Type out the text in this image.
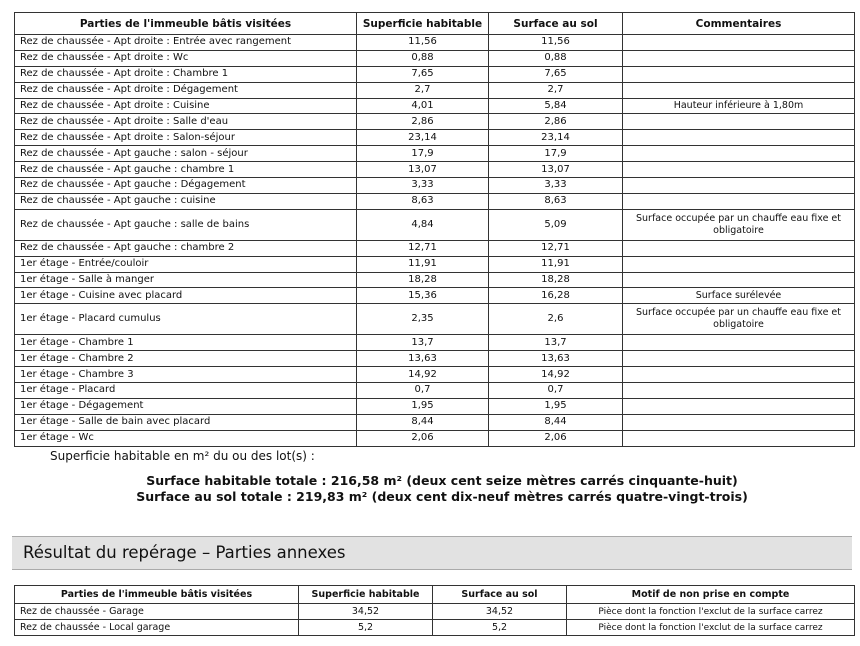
Parties de l'immeuble bâtis visitées	Superficie habitable	Surface au sol	Commentaires
Rez de chaussée - Apt droite : Entrée avec rangement	11,56	11,56	
Rez de chaussée - Apt droite : Wc	0,88	0,88	
Rez de chaussée - Apt droite : Chambre 1	7,65	7,65	
Rez de chaussée - Apt droite : Dégagement	2,7	2,7	
Rez de chaussée - Apt droite : Cuisine	4,01	5,84	Hauteur inférieure à 1,80m
Rez de chaussée - Apt droite : Salle d'eau	2,86	2,86	
Rez de chaussée - Apt droite : Salon-séjour	23,14	23,14	
Rez de chaussée - Apt gauche : salon - séjour	17,9	17,9	
Rez de chaussée - Apt gauche : chambre 1	13,07	13,07	
Rez de chaussée - Apt gauche : Dégagement	3,33	3,33	
Rez de chaussée - Apt gauche : cuisine	8,63	8,63	
Rez de chaussée - Apt gauche : salle de bains	4,84	5,09	Surface occupée par un chauffe eau fixe et obligatoire
Rez de chaussée - Apt gauche : chambre 2	12,71	12,71	
1er étage - Entrée/couloir	11,91	11,91	
1er étage - Salle à manger	18,28	18,28	
1er étage - Cuisine avec placard	15,36	16,28	Surface surélevée
1er étage - Placard cumulus	2,35	2,6	Surface occupée par un chauffe eau fixe et obligatoire
1er étage - Chambre 1	13,7	13,7	
1er étage - Chambre 2	13,63	13,63	
1er étage - Chambre 3	14,92	14,92	
1er étage - Placard	0,7	0,7	
1er étage - Dégagement	1,95	1,95	
1er étage - Salle de bain avec placard	8,44	8,44	
1er étage - Wc	2,06	2,06	
Superficie habitable en m² du ou des lot(s) :
Surface habitable totale : 216,58 m² (deux cent seize mètres carrés cinquante-huit)
Surface au sol totale : 219,83 m² (deux cent dix-neuf mètres carrés quatre-vingt-trois)
Résultat du repérage – Parties annexes
Parties de l'immeuble bâtis visitées	Superficie habitable	Surface au sol	Motif de non prise en compte
Rez de chaussée - Garage	34,52	34,52	Pièce dont la fonction l'exclut de la surface carrez
Rez de chaussée - Local garage	5,2	5,2	Pièce dont la fonction l'exclut de la surface carrez
